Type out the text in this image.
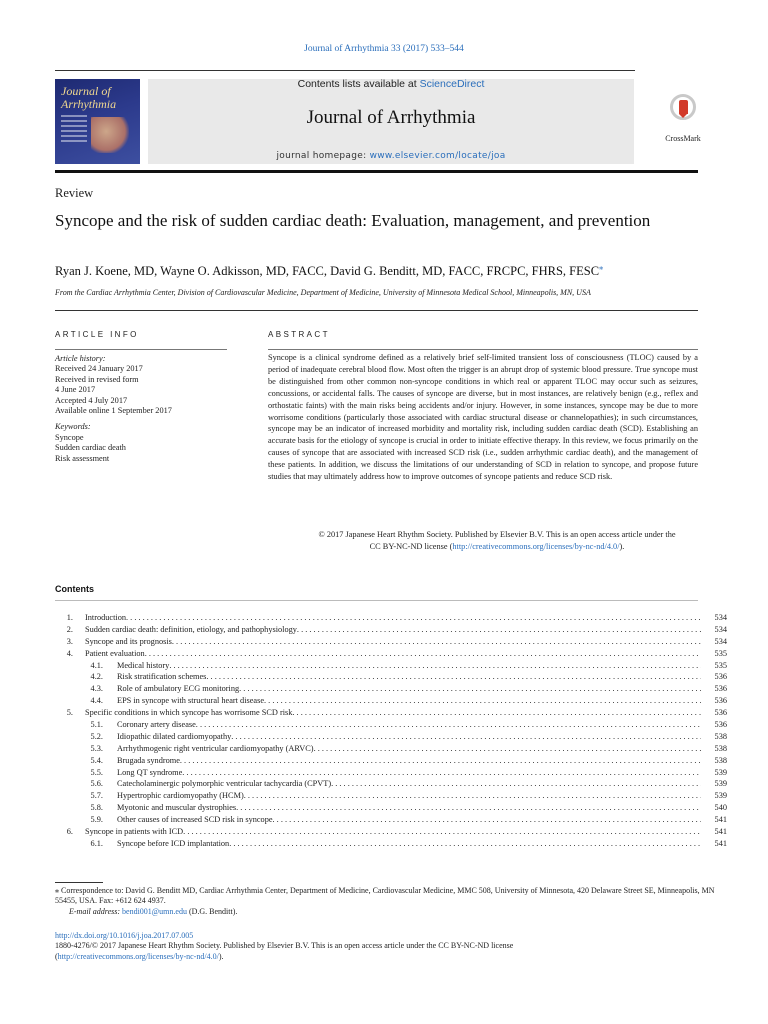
Journal of Arrhythmia 33 (2017) 533–544
Journal of Arrhythmia
Contents lists available at ScienceDirect
Journal of Arrhythmia
journal homepage: www.elsevier.com/locate/joa
CrossMark
Review
Syncope and the risk of sudden cardiac death: Evaluation, management, and prevention
Ryan J. Koene, MD, Wayne O. Adkisson, MD, FACC, David G. Benditt, MD, FACC, FRCPC, FHRS, FESC⁎
From the Cardiac Arrhythmia Center, Division of Cardiovascular Medicine, Department of Medicine, University of Minnesota Medical School, Minneapolis, MN, USA
ARTICLE INFO	ABSTRACT
Article history:
Received 24 January 2017
Received in revised form
4 June 2017
Accepted 4 July 2017
Available online 1 September 2017
Keywords:
Syncope
Sudden cardiac death
Risk assessment
Syncope is a clinical syndrome defined as a relatively brief self-limited transient loss of consciousness (TLOC) caused by a period of inadequate cerebral blood flow. Most often the trigger is an abrupt drop of systemic blood pressure. True syncope must be distinguished from other common non-syncope conditions in which real or apparent TLOC may occur such as seizures, concussions, or accidental falls. The causes of syncope are diverse, but in most instances, are relatively benign (e.g., reflex and orthostatic faints) with the main risks being accidents and/or injury. However, in some instances, syncope may be due to more worrisome conditions (particularly those associated with cardiac structural disease or channelopathies); in such circumstances, syncope may be an indicator of increased morbidity and mortality risk, including sudden cardiac death (SCD). Establishing an accurate basis for the etiology of syncope is crucial in order to initiate effective therapy. In this review, we focus primarily on the causes of syncope that are associated with increased SCD risk (i.e., sudden arrhythmic cardiac death), and the management of these patients. In addition, we discuss the limitations of our understanding of SCD in relation to syncope, and propose future studies that may ultimately address how to improve outcomes of syncope patients and reduce SCD risk.
© 2017 Japanese Heart Rhythm Society. Published by Elsevier B.V. This is an open access article under the
CC BY-NC-ND license (http://creativecommons.org/licenses/by-nc-nd/4.0/).
Contents
1.	Introduction . . .	534
2.	Sudden cardiac death: definition, etiology, and pathophysiology . . .	534
3.	Syncope and its prognosis . . .	534
4.	Patient evaluation . . .	535
4.1.	Medical history . . .	535
4.2.	Risk stratification schemes . . .	536
4.3.	Role of ambulatory ECG monitoring . . .	536
4.4.	EPS in syncope with structural heart disease . . .	536
5.	Specific conditions in which syncope has worrisome SCD risk . . .	536
5.1.	Coronary artery disease . . .	536
5.2.	Idiopathic dilated cardiomyopathy . . .	538
5.3.	Arrhythmogenic right ventricular cardiomyopathy (ARVC) . . .	538
5.4.	Brugada syndrome . . .	538
5.5.	Long QT syndrome . . .	539
5.6.	Catecholaminergic polymorphic ventricular tachycardia (CPVT) . . .	539
5.7.	Hypertrophic cardiomyopathy (HCM) . . .	539
5.8.	Myotonic and muscular dystrophies . . .	540
5.9.	Other causes of increased SCD risk in syncope . . .	541
6.	Syncope in patients with ICD . . .	541
6.1.	Syncope before ICD implantation . . .	541
⁎ Correspondence to: David G. Benditt MD, Cardiac Arrhythmia Center, Department of Medicine, Cardiovascular Medicine, MMC 508, University of Minnesota, 420 Delaware Street SE, Minneapolis, MN 55455, USA. Fax: +612 624 4937.
E-mail address: bendi001@umn.edu (D.G. Benditt).
http://dx.doi.org/10.1016/j.joa.2017.07.005
1880-4276/© 2017 Japanese Heart Rhythm Society. Published by Elsevier B.V. This is an open access article under the CC BY-NC-ND license
(http://creativecommons.org/licenses/by-nc-nd/4.0/).
